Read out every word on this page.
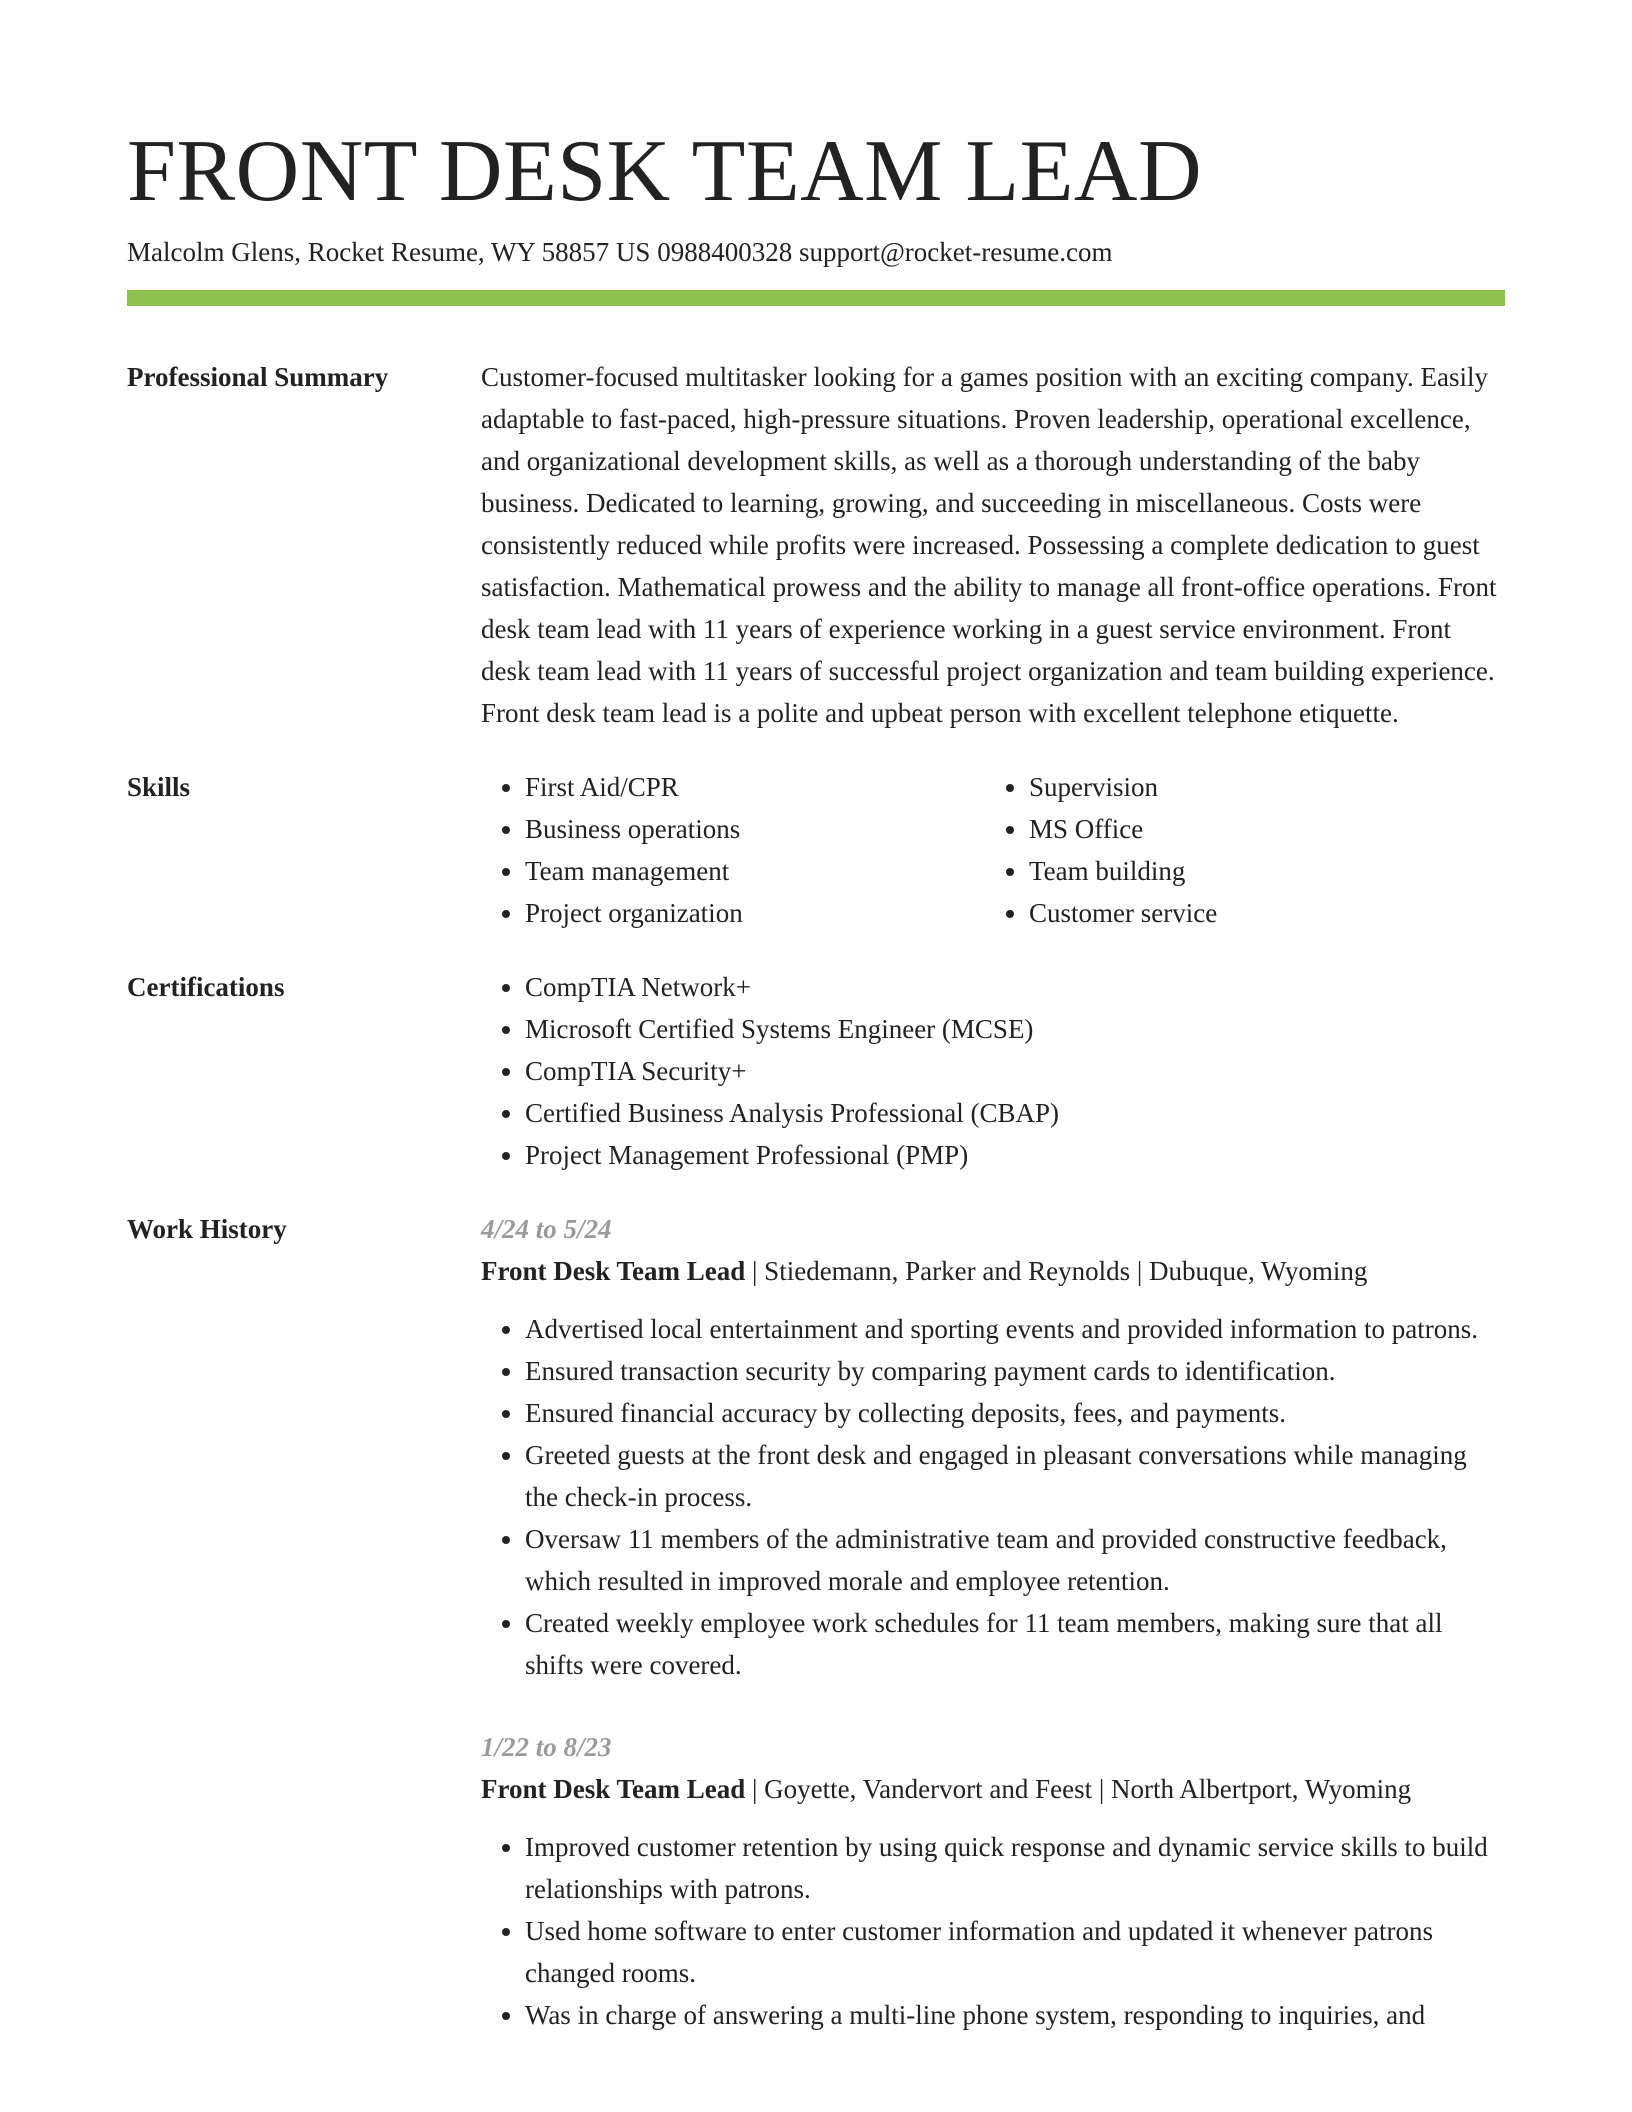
FRONT DESK TEAM LEAD
Malcolm Glens, Rocket Resume, WY 58857 US 0988400328 support@rocket-resume.com
Professional Summary	Customer-focused multitasker looking for a games position with an exciting company. Easily adaptable to fast-paced, high-pressure situations. Proven leadership, operational excellence, and organizational development skills, as well as a thorough understanding of the baby business. Dedicated to learning, growing, and succeeding in miscellaneous. Costs were consistently reduced while profits were increased. Possessing a complete dedication to guest satisfaction. Mathematical prowess and the ability to manage all front-office operations. Front desk team lead with 11 years of experience working in a guest service environment. Front desk team lead with 11 years of successful project organization and team building experience. Front desk team lead is a polite and upbeat person with excellent telephone etiquette.

Skills	• First Aid/CPR
• Business operations
• Team management
• Project organization
• Supervision
• MS Office
• Team building
• Customer service
Certifications	• CompTIA Network+
• Microsoft Certified Systems Engineer (MCSE)
• CompTIA Security+
• Certified Business Analysis Professional (CBAP)
• Project Management Professional (PMP)
Work History	4/24 to 5/24
Front Desk Team Lead | Stiedemann, Parker and Reynolds | Dubuque, Wyoming
• Advertised local entertainment and sporting events and provided information to patrons.
• Ensured transaction security by comparing payment cards to identification.
• Ensured financial accuracy by collecting deposits, fees, and payments.
• Greeted guests at the front desk and engaged in pleasant conversations while managing the check-in process.
• Oversaw 11 members of the administrative team and provided constructive feedback, which resulted in improved morale and employee retention.
• Created weekly employee work schedules for 11 team members, making sure that all shifts were covered.
1/22 to 8/23
Front Desk Team Lead | Goyette, Vandervort and Feest | North Albertport, Wyoming
• Improved customer retention by using quick response and dynamic service skills to build relationships with patrons.
• Used home software to enter customer information and updated it whenever patrons changed rooms.
• Was in charge of answering a multi-line phone system, responding to inquiries, and
